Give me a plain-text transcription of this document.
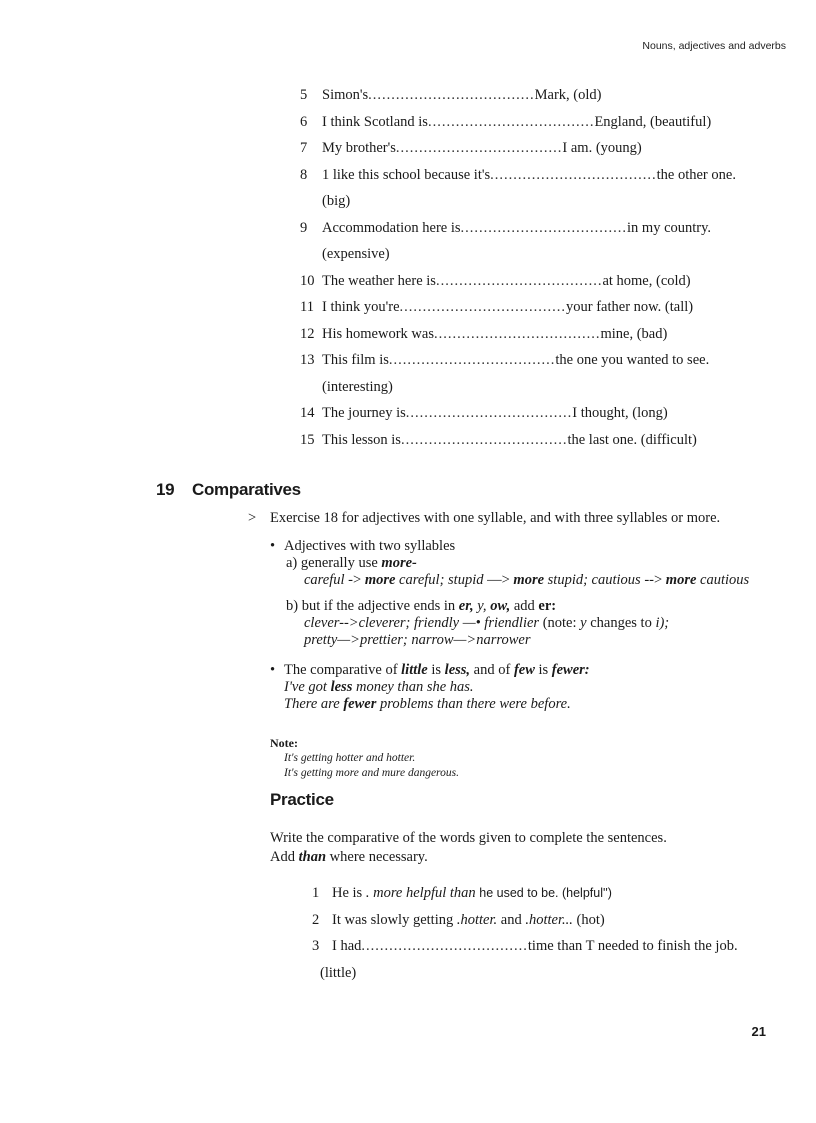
Nouns, adjectives and adverbs
5	Simon's....................................Mark, (old)
6	I think Scotland is....................................England, (beautiful)
7	My brother's....................................I am. (young)
8	1 like this school because it's....................................the other one.
(big)
9	Accommodation here is....................................in my country.
(expensive)
10 The weather here is....................................at home, (cold)
11 I think you're....................................your father now. (tall)
12 His homework was....................................mine, (bad)
13 This film is....................................the one you wanted to see.
(interesting)
14 The journey is....................................I thought, (long)
15 This lesson is....................................the last one. (difficult)
19 Comparatives
> Exercise 18 for adjectives with one syllable, and with three syllables or more.
• Adjectives with two syllables
a) generally use more-
careful -> more careful; stupid —> more stupid; cautious --> more cautious
b) but if the adjective ends in er, y, ow, add er:
clever-->cleverer; friendly —• friendlier (note: y changes to i);
pretty—>prettier; narrow—>narrower
• The comparative of little is less, and of few is fewer:
I've got less money than she has.
There are fewer problems than there were before.
Note:
It's getting hotter and hotter.
It's getting more and mure dangerous.
Practice
Write the comparative of the words given to complete the sentences.
Add than where necessary.
1 He is . more helpful than he used to be. (helpful'')
2 It was slowly getting .hotter. and .hotter... (hot)
3 I had....................................time than T needed to finish the job.
(little)
21
